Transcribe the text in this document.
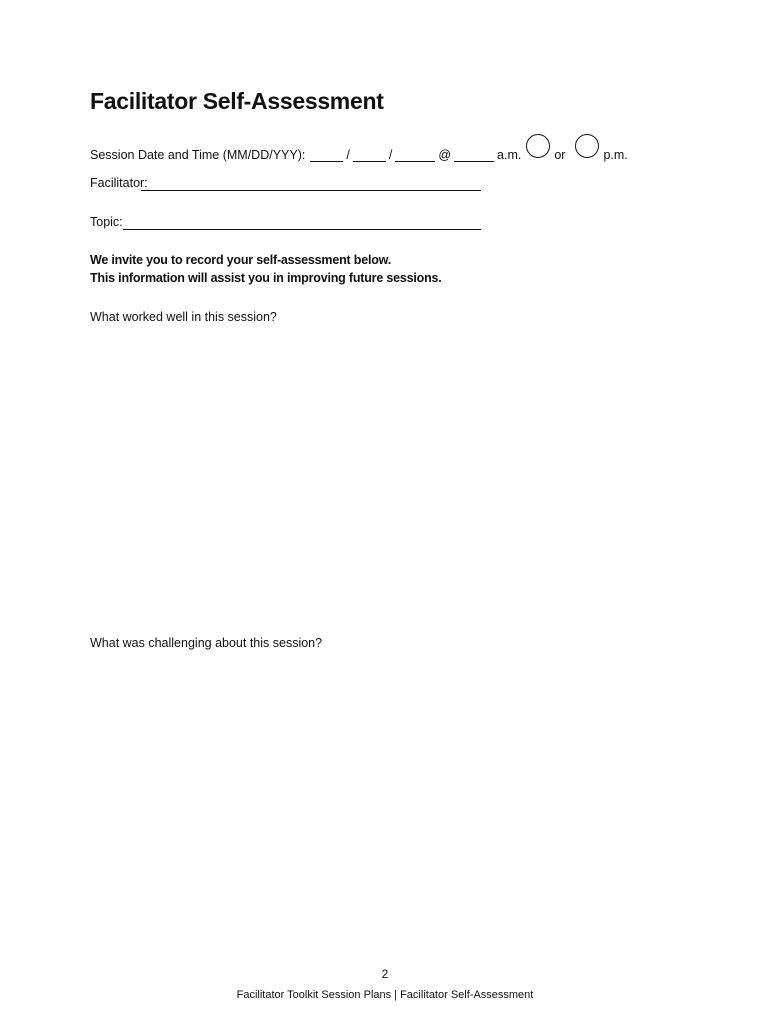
Facilitator Self-Assessment
Session Date and Time (MM/DD/YYY):	/	/	@	a.m.	or	p.m.
Facilitator:
Topic:
We invite you to record your self-assessment below.
This information will assist you in improving future sessions.
What worked well in this session?
What was challenging about this session?
2
Facilitator Toolkit Session Plans | Facilitator Self-Assessment
